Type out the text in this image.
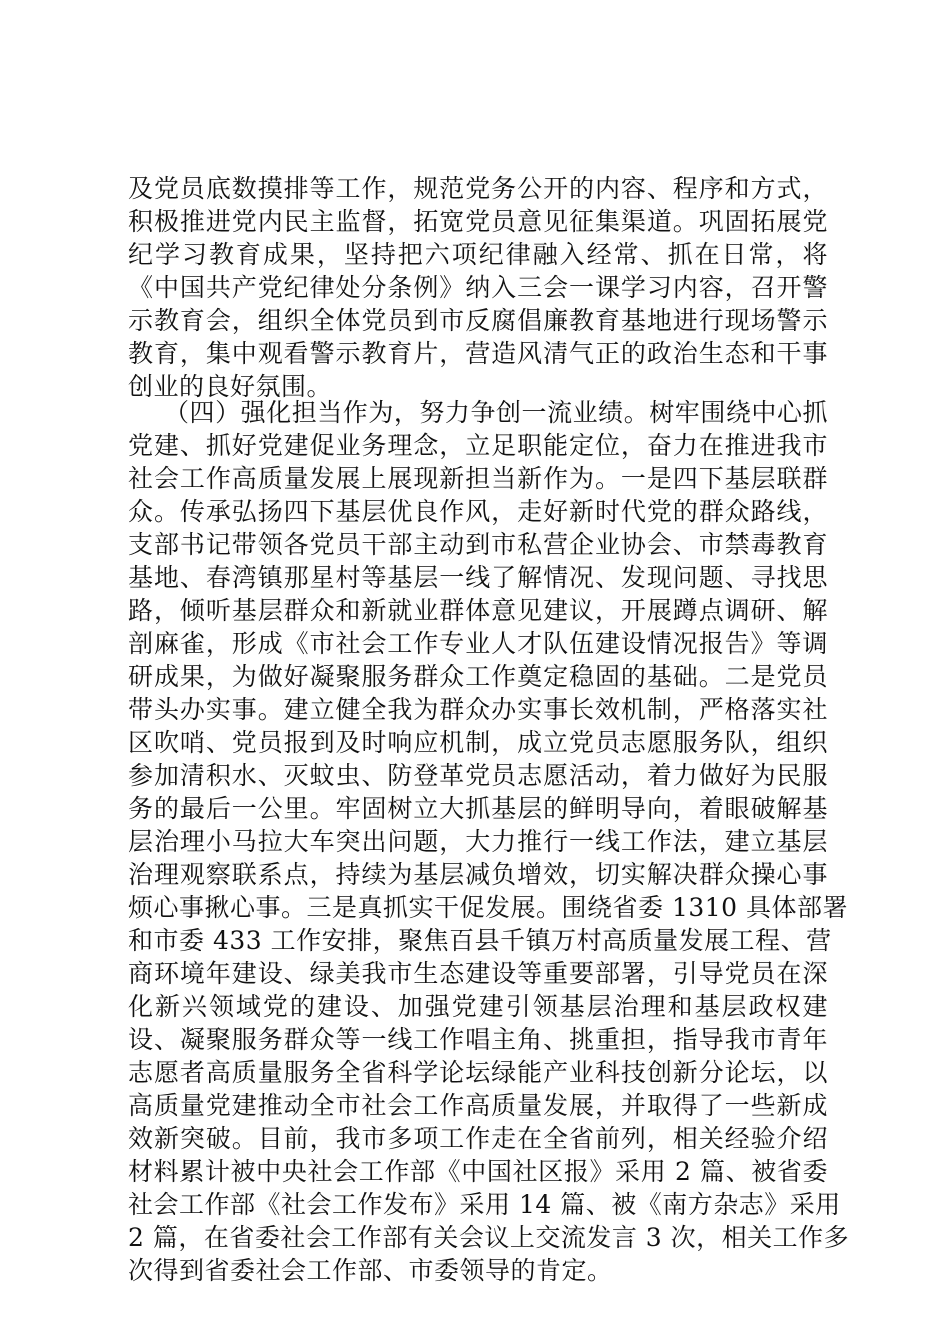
及党员底数摸排等工作，规范党务公开的内容、程序和方式，
积极推进党内民主监督，拓宽党员意见征集渠道。巩固拓展党
纪学习教育成果，坚持把六项纪律融入经常、抓在日常，将
《中国共产党纪律处分条例》纳入三会一课学习内容，召开警
示教育会，组织全体党员到市反腐倡廉教育基地进行现场警示
教育，集中观看警示教育片，营造风清气正的政治生态和干事
创业的良好氛围。
（四）强化担当作为，努力争创一流业绩。树牢围绕中心抓
党建、抓好党建促业务理念，立足职能定位，奋力在推进我市
社会工作高质量发展上展现新担当新作为。一是四下基层联群
众。传承弘扬四下基层优良作风，走好新时代党的群众路线，
支部书记带领各党员干部主动到市私营企业协会、市禁毒教育
基地、春湾镇那星村等基层一线了解情况、发现问题、寻找思
路，倾听基层群众和新就业群体意见建议，开展蹲点调研、解
剖麻雀，形成《市社会工作专业人才队伍建设情况报告》等调
研成果，为做好凝聚服务群众工作奠定稳固的基础。二是党员
带头办实事。建立健全我为群众办实事长效机制，严格落实社
区吹哨、党员报到及时响应机制，成立党员志愿服务队，组织
参加清积水、灭蚊虫、防登革党员志愿活动，着力做好为民服
务的最后一公里。牢固树立大抓基层的鲜明导向，着眼破解基
层治理小马拉大车突出问题，大力推行一线工作法，建立基层
治理观察联系点，持续为基层减负增效，切实解决群众操心事
烦心事揪心事。三是真抓实干促发展。围绕省委 1310 具体部署
和市委 433 工作安排，聚焦百县千镇万村高质量发展工程、营
商环境年建设、绿美我市生态建设等重要部署，引导党员在深
化新兴领域党的建设、加强党建引领基层治理和基层政权建
设、凝聚服务群众等一线工作唱主角、挑重担，指导我市青年
志愿者高质量服务全省科学论坛绿能产业科技创新分论坛，以
高质量党建推动全市社会工作高质量发展，并取得了一些新成
效新突破。目前，我市多项工作走在全省前列，相关经验介绍
材料累计被中央社会工作部《中国社区报》采用 2 篇、被省委
社会工作部《社会工作发布》采用 14 篇、被《南方杂志》采用
2 篇，在省委社会工作部有关会议上交流发言 3 次，相关工作多
次得到省委社会工作部、市委领导的肯定。
